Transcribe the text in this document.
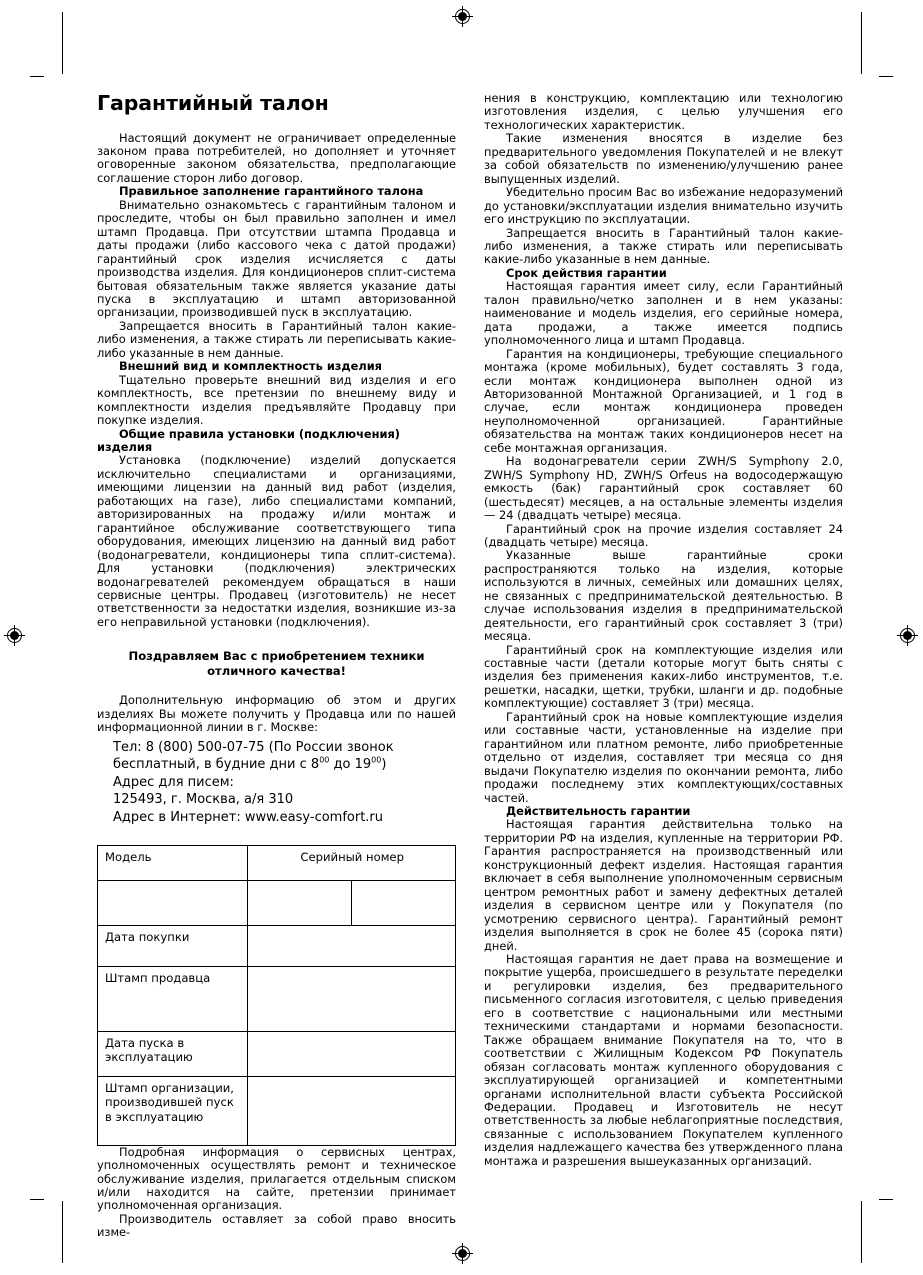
Гарантийный талон

Настоящий документ не ограничивает определенные законом права потребителей, но дополняет и уточняет оговоренные законом обязательства, предполагающие соглашение сторон либо договор.

Правильное заполнение гарантийного талона

Внимательно ознакомьтесь с гарантийным талоном и проследите, чтобы он был правильно заполнен и имел штамп Продавца. При отсутствии штампа Продавца и даты продажи (либо кассового чека с датой продажи) гарантийный срок изделия исчисляется с даты производства изделия. Для кондиционеров сплит-система бытовая обязательным также является указание даты пуска в эксплуатацию и штамп авторизованной организации, производившей пуск в эксплуатацию.

Запрещается вносить в Гарантийный талон какие-либо изменения, а также стирать ли переписывать какие-либо указанные в нем данные.

Внешний вид и комплектность изделия

Тщательно проверьте внешний вид изделия и его комплектность, все претензии по внешнему виду и комплектности изделия предъявляйте Продавцу при покупке изделия.

Общие правила установки (подключения) изделия

Установка (подключение) изделий допускается исключительно специалистами и организациями, имеющими лицензии на данный вид работ (изделия, работающих на газе), либо специалистами компаний, авторизированных на продажу и/или монтаж и гарантийное обслуживание соответствующего типа оборудования, имеющих лицензию на данный вид работ (водонагреватели, кондиционеры типа сплит-система). Для установки (подключения) электрических водонагревателей рекомендуем обращаться в наши сервисные центры. Продавец (изготовитель) не несет ответственности за недостатки изделия, возникшие из-за его неправильной установки (подключения).

Поздравляем Вас с приобретением техники
отличного качества!

Дополнительную информацию об этом и других изделиях Вы можете получить у Продавца или по нашей информационной линии в г. Москве:

Тел: 8 (800) 500-07-75 (По России звонок
бесплатный, в будние дни с $8^{00}$ до $19^{00}$)
Адрес для писем:
125493, г. Москва, а/я 310
Адрес в Интернет: www.easy-comfort.ru
Модель	Серийный номер	

Дата покупки		
Штамп продавца		
Дата пуска в эксплуатацию		
Штамп организации, производившей пуск в эксплуатацию		

Подробная информация о сервисных центрах, уполномоченных осуществлять ремонт и техническое обслуживание изделия, прилагается отдельным списком и/или находится на сайте, претензии принимает уполномоченная организация.

Производитель оставляет за собой право вносить изме-

нения в конструкцию, комплектацию или технологию изготовления изделия, с целью улучшения его технологических характеристик.

Такие изменения вносятся в изделие без предварительного уведомления Покупателей и не влекут за собой обязательств по изменению/улучшению ранее выпущенных изделий.

Убедительно просим Вас во избежание недоразумений до установки/эксплуатации изделия внимательно изучить его инструкцию по эксплуатации.

Запрещается вносить в Гарантийный талон какие-либо изменения, а также стирать или переписывать какие-либо указанные в нем данные.

Срок действия гарантии

Настоящая гарантия имеет силу, если Гарантийный талон правильно/четко заполнен и в нем указаны: наименование и модель изделия, его серийные номера, дата продажи, а также имеется подпись уполномоченного лица и штамп Продавца.

Гарантия на кондиционеры, требующие специального монтажа (кроме мобильных), будет составлять 3 года, если монтаж кондиционера выполнен одной из Авторизованной Монтажной Организацией, и 1 год в случае, если монтаж кондиционера проведен неуполномоченной организацией. Гарантийные обязательства на монтаж таких кондиционеров несет на себе монтажная организация.

На водонагреватели серии ZWH/S Symphony 2.0, ZWH/S Symphony HD, ZWH/S Orfeus на водосодержащую емкость (бак) гарантийный срок составляет 60 (шестьдесят) месяцев, а на остальные элементы изделия — 24 (двадцать четыре) месяца.

Гарантийный срок на прочие изделия составляет 24 (двадцать четыре) месяца.

Указанные выше гарантийные сроки распространяются только на изделия, которые используются в личных, семейных или домашних целях, не связанных с предпринимательской деятельностью. В случае использования изделия в предпринимательской деятельности, его гарантийный срок составляет 3 (три) месяца.

Гарантийный срок на комплектующие изделия или составные части (детали которые могут быть сняты с изделия без применения каких-либо инструментов, т.е. решетки, насадки, щетки, трубки, шланги и др. подобные комплектующие) составляет 3 (три) месяца.

Гарантийный срок на новые комплектующие изделия или составные части, установленные на изделие при гарантийном или платном ремонте, либо приобретенные отдельно от изделия, составляет три месяца со дня выдачи Покупателю изделия по окончании ремонта, либо продажи последнему этих комплектующих/составных частей.

Действительность гарантии

Настоящая гарантия действительна только на территории РФ на изделия, купленные на территории РФ. Гарантия распространяется на производственный или конструкционный дефект изделия. Настоящая гарантия включает в себя выполнение уполномоченным сервисным центром ремонтных работ и замену дефектных деталей изделия в сервисном центре или у Покупателя (по усмотрению сервисного центра). Гарантийный ремонт изделия выполняется в срок не более 45 (сорока пяти) дней.

Настоящая гарантия не дает права на возмещение и покрытие ущерба, происшедшего в результате переделки и регулировки изделия, без предварительного письменного согласия изготовителя, с целью приведения его в соответствие с национальными или местными техническими стандартами и нормами безопасности. Также обращаем внимание Покупателя на то, что в соответствии с Жилищным Кодексом РФ Покупатель обязан согласовать монтаж купленного оборудования с эксплуатирующей организацией и компетентными органами исполнительной власти субъекта Российской Федерации. Продавец и Изготовитель не несут ответственность за любые неблагоприятные последствия, связанные с использованием Покупателем купленного изделия надлежащего качества без утвержденного плана монтажа и разрешения вышеуказанных организаций.
